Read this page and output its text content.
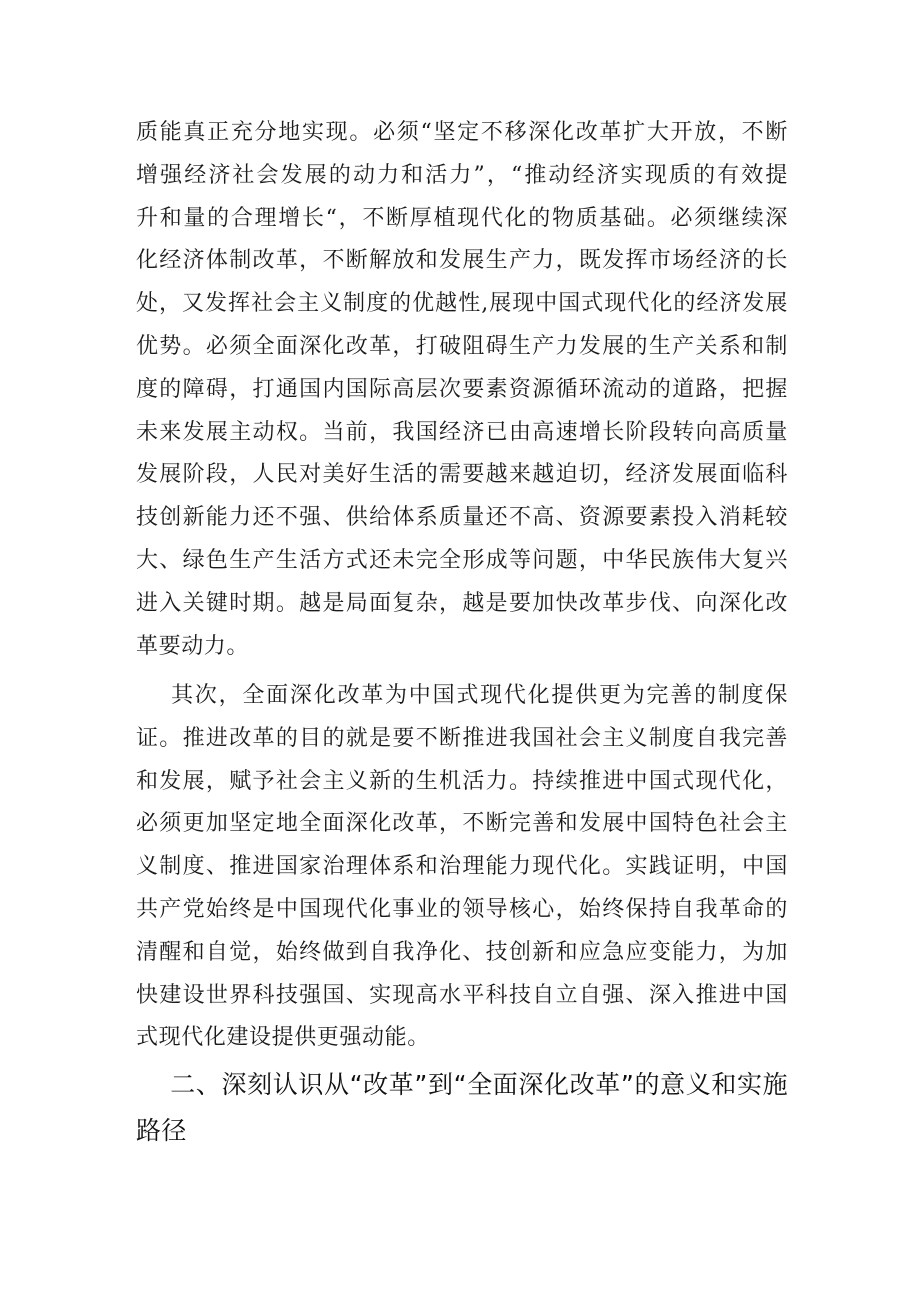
质能真正充分地实现。必须“坚定不移深化改革扩大开放，不断
增强经济社会发展的动力和活力”，“推动经济实现质的有效提
升和量的合理增长“，不断厚植现代化的物质基础。必须继续深
化经济体制改革，不断解放和发展生产力，既发挥市场经济的长
处，又发挥社会主义制度的优越性,展现中国式现代化的经济发展
优势。必须全面深化改革，打破阻碍生产力发展的生产关系和制
度的障碍，打通国内国际高层次要素资源循环流动的道路，把握
未来发展主动权。当前，我国经济已由高速增长阶段转向高质量
发展阶段，人民对美好生活的需要越来越迫切，经济发展面临科
技创新能力还不强、供给体系质量还不高、资源要素投入消耗较
大、绿色生产生活方式还未完全形成等问题，中华民族伟大复兴
进入关键时期。越是局面复杂，越是要加快改革步伐、向深化改
革要动力。
其次，全面深化改革为中国式现代化提供更为完善的制度保
证。推进改革的目的就是要不断推进我国社会主义制度自我完善
和发展，赋予社会主义新的生机活力。持续推进中国式现代化，
必须更加坚定地全面深化改革，不断完善和发展中国特色社会主
义制度、推进国家治理体系和治理能力现代化。实践证明，中国
共产党始终是中国现代化事业的领导核心，始终保持自我革命的
清醒和自觉，始终做到自我净化、技创新和应急应变能力，为加
快建设世界科技强国、实现高水平科技自立自强、深入推进中国
式现代化建设提供更强动能。
二、深刻认识从“改革”到“全面深化改革”的意义和实施
路径
